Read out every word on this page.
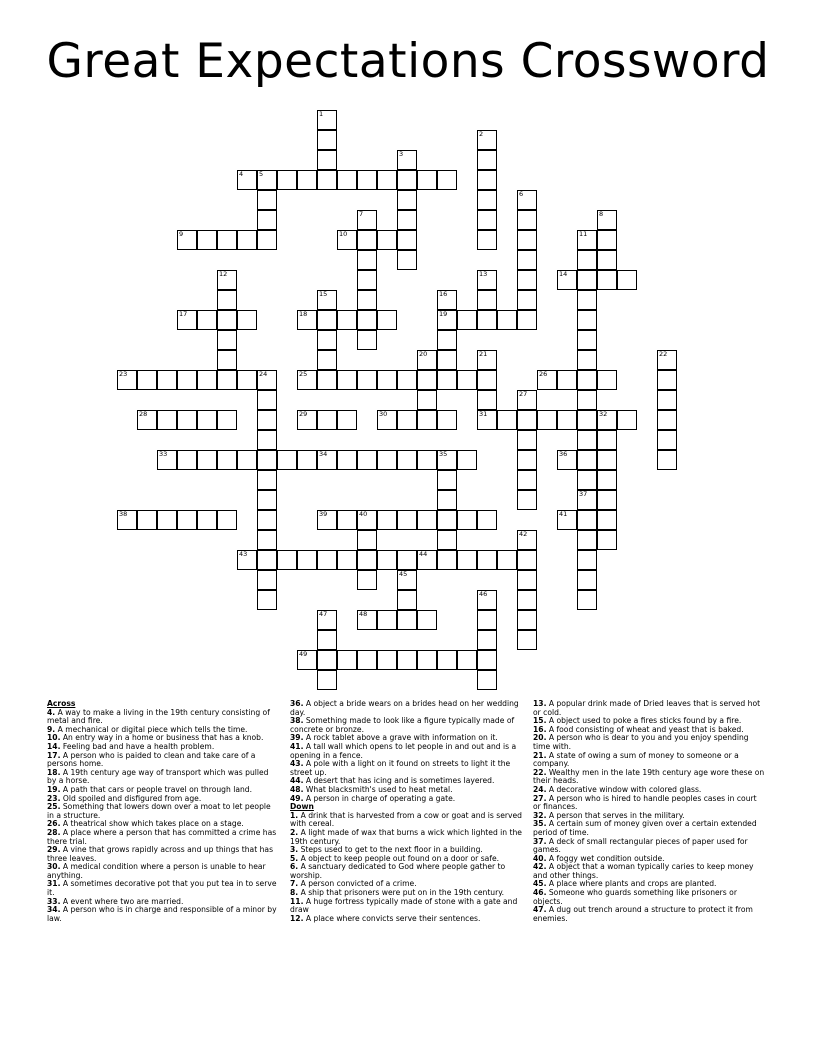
Great Expectations Crossword
1
2
3
4 5
6
7	8
9	10	11
12	13	14
15	16
19
17	18
20	21	22
23	24	25	26
27
28	29	30	31	32
33	34	35	36
37
38	39	40	41
42
43	44
45
46
47	48
49
Across
4. A way to make a living in the 19th century consisting of metal and fire.
9. A mechanical or digital piece which tells the time.
10. An entry way in a home or business that has a knob.
14. Feeling bad and have a health problem.
17. A person who is paided to clean and take care of a persons home.
18. A 19th century age way of transport which was pulled by a horse.
19. A path that cars or people travel on through land.
23. Old spoiled and disfigured from age.
25. Something that lowers down over a moat to let people in a structure.
26. A theatrical show which takes place on a stage.
28. A place where a person that has committed a crime has there trial.
29. A vine that grows rapidly across and up things that has three leaves.
30. A medical condition where a person is unable to hear anything.
31. A sometimes decorative pot that you put tea in to serve it.
33. A event where two are married.
34. A person who is in charge and responsible of a minor by law.
36. A object a bride wears on a brides head on her wedding day.
38. Something made to look like a figure typically made of concrete or bronze.
39. A rock tablet above a grave with information on it.
41. A tall wall which opens to let people in and out and is a opening in a fence.
43. A pole with a light on it found on streets to light it the street up.
44. A desert that has icing and is sometimes layered.
48. What blacksmith's used to heat metal.
49. A person in charge of operating a gate.
Down
1. A drink that is harvested from a cow or goat and is served with cereal.
2. A light made of wax that burns a wick which lighted in the 19th century.
3. Steps used to get to the next floor in a building.
5. A object to keep people out found on a door or safe.
6. A sanctuary dedicated to God where people gather to worship.
7. A person convicted of a crime.
8. A ship that prisoners were put on in the 19th century.
11. A huge fortress typically made of stone with a gate and draw
12. A place where convicts serve their sentences.
13. A popular drink made of Dried leaves that is served hot or cold.
15. A object used to poke a fires sticks found by a fire.
16. A food consisting of wheat and yeast that is baked.
20. A person who is dear to you and you enjoy spending time with.
21. A state of owing a sum of money to someone or a company.
22. Wealthy men in the late 19th century age wore these on their heads.
24. A decorative window with colored glass.
27. A person who is hired to handle peoples cases in court or finances.
32. A person that serves in the military.
35. A certain sum of money given over a certain extended period of time.
37. A deck of small rectangular pieces of paper used for games.
40. A foggy wet condition outside.
42. A object that a woman typically caries to keep money and other things.
45. A place where plants and crops are planted.
46. Someone who guards something like prisoners or objects.
47. A dug out trench around a structure to protect it from enemies.
